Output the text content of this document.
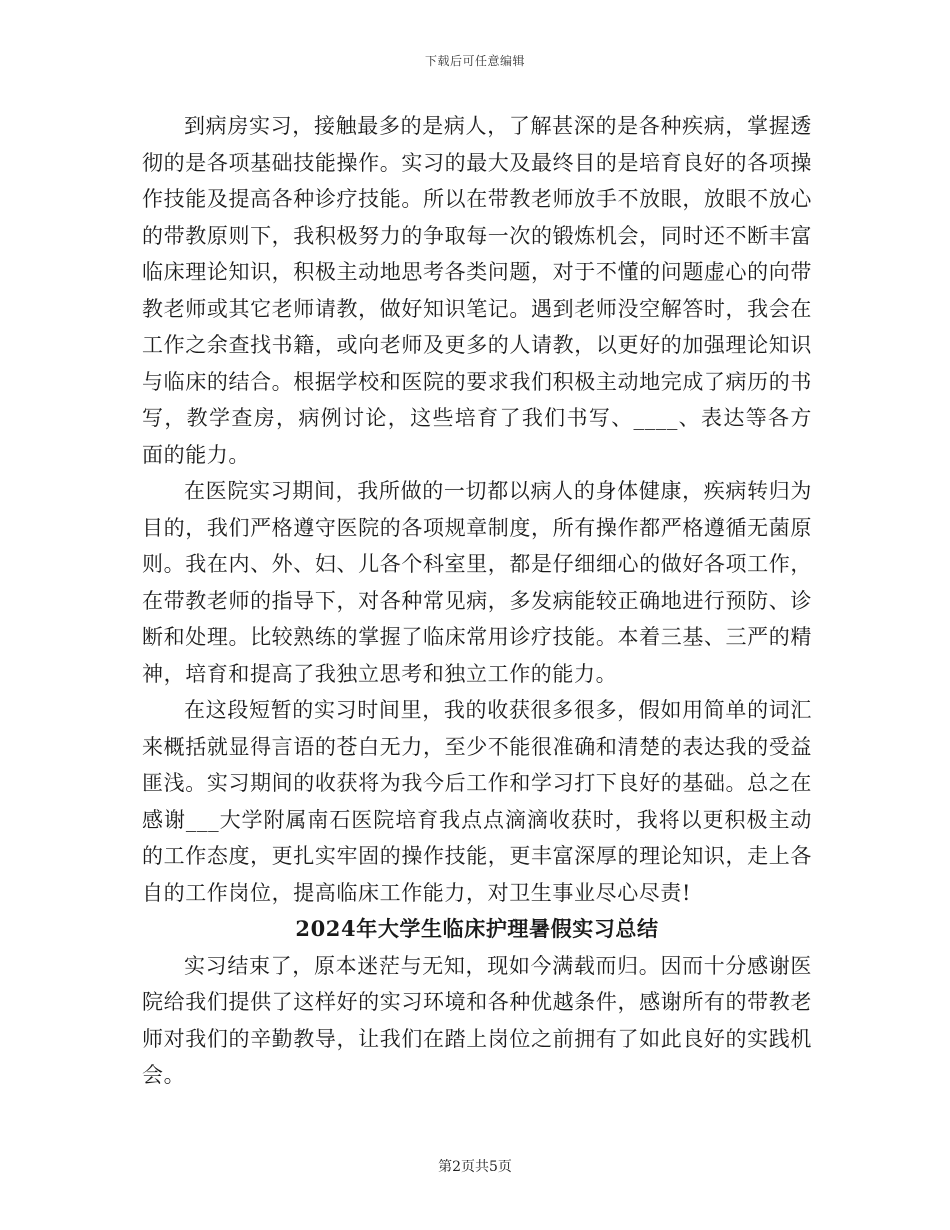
下载后可任意编辑

到病房实习，接触最多的是病人，了解甚深的是各种疾病，掌握透彻的是各项基础技能操作。实习的最大及最终目的是培育良好的各项操作技能及提高各种诊疗技能。所以在带教老师放手不放眼，放眼不放心的带教原则下，我积极努力的争取每一次的锻炼机会，同时还不断丰富临床理论知识，积极主动地思考各类问题，对于不懂的问题虚心的向带教老师或其它老师请教，做好知识笔记。遇到老师没空解答时，我会在工作之余查找书籍，或向老师及更多的人请教，以更好的加强理论知识与临床的结合。根据学校和医院的要求我们积极主动地完成了病历的书写，教学查房，病例讨论，这些培育了我们书写、____、表达等各方面的能力。

在医院实习期间，我所做的一切都以病人的身体健康，疾病转归为目的，我们严格遵守医院的各项规章制度，所有操作都严格遵循无菌原则。我在内、外、妇、儿各个科室里，都是仔细细心的做好各项工作，在带教老师的指导下，对各种常见病，多发病能较正确地进行预防、诊断和处理。比较熟练的掌握了临床常用诊疗技能。本着三基、三严的精神，培育和提高了我独立思考和独立工作的能力。

在这段短暂的实习时间里，我的收获很多很多，假如用简单的词汇来概括就显得言语的苍白无力，至少不能很准确和清楚的表达我的受益匪浅。实习期间的收获将为我今后工作和学习打下良好的基础。总之在感谢___大学附属南石医院培育我点点滴滴收获时，我将以更积极主动的工作态度，更扎实牢固的操作技能，更丰富深厚的理论知识，走上各自的工作岗位，提高临床工作能力，对卫生事业尽心尽责!

2024年大学生临床护理暑假实习总结

实习结束了，原本迷茫与无知，现如今满载而归。因而十分感谢医院给我们提供了这样好的实习环境和各种优越条件，感谢所有的带教老师对我们的辛勤教导，让我们在踏上岗位之前拥有了如此良好的实践机会。

第2页共5页
